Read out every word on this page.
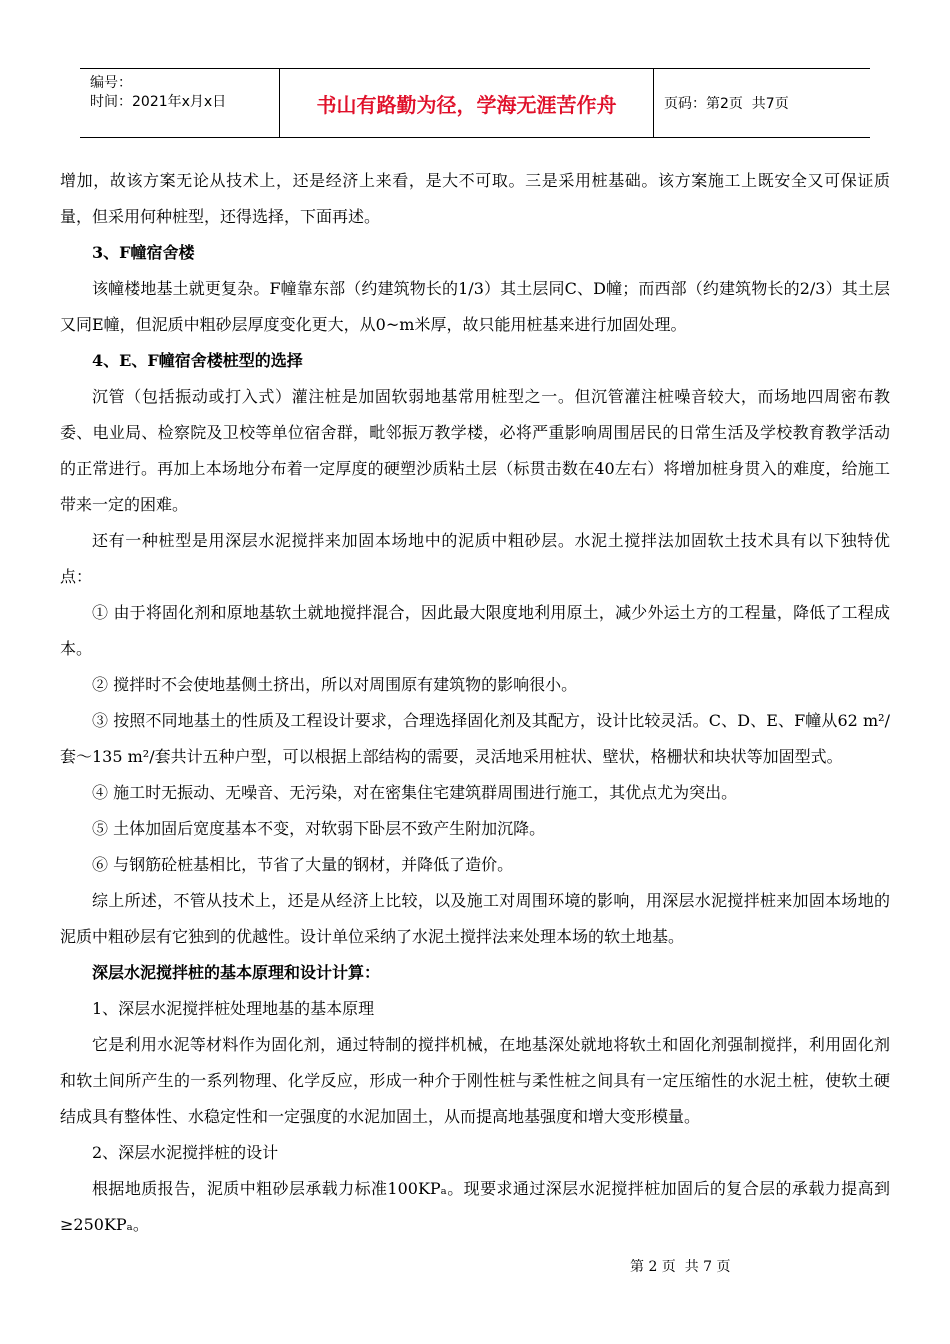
编号：
时间：2021年x月x日	书山有路勤为径，学海无涯苦作舟	页码：第2页  共7页

增加，故该方案无论从技术上，还是经济上来看，是大不可取。三是采用桩基础。该方案施工上既安全又可保证质量，但采用何种桩型，还得选择，下面再述。

3、F幢宿舍楼

该幢楼地基土就更复杂。F幢靠东部（约建筑物长的1/3）其土层同C、D幢；而西部（约建筑物长的2/3）其土层又同E幢，但泥质中粗砂层厚度变化更大，从0~m米厚，故只能用桩基来进行加固处理。

4、E、F幢宿舍楼桩型的选择

沉管（包括振动或打入式）灌注桩是加固软弱地基常用桩型之一。但沉管灌注桩噪音较大，而场地四周密布教委、电业局、检察院及卫校等单位宿舍群，毗邻振万教学楼，必将严重影响周围居民的日常生活及学校教育教学活动的正常进行。再加上本场地分布着一定厚度的硬塑沙质粘土层（标贯击数在40左右）将增加桩身贯入的难度，给施工带来一定的困难。

还有一种桩型是用深层水泥搅拌来加固本场地中的泥质中粗砂层。水泥土搅拌法加固软土技术具有以下独特优点：

① 由于将固化剂和原地基软土就地搅拌混合，因此最大限度地利用原土，减少外运土方的工程量，降低了工程成本。

② 搅拌时不会使地基侧土挤出，所以对周围原有建筑物的影响很小。

③ 按照不同地基土的性质及工程设计要求，合理选择固化剂及其配方，设计比较灵活。C、D、E、F幢从62 m²/套～135 m²/套共计五种户型，可以根据上部结构的需要，灵活地采用桩状、壁状，格栅状和块状等加固型式。

④ 施工时无振动、无噪音、无污染，对在密集住宅建筑群周围进行施工，其优点尤为突出。

⑤ 土体加固后宽度基本不变，对软弱下卧层不致产生附加沉降。

⑥ 与钢筋砼桩基相比，节省了大量的钢材，并降低了造价。

综上所述，不管从技术上，还是从经济上比较，以及施工对周围环境的影响，用深层水泥搅拌桩来加固本场地的泥质中粗砂层有它独到的优越性。设计单位采纳了水泥土搅拌法来处理本场的软土地基。

深层水泥搅拌桩的基本原理和设计计算：

1、深层水泥搅拌桩处理地基的基本原理

它是利用水泥等材料作为固化剂，通过特制的搅拌机械，在地基深处就地将软土和固化剂强制搅拌，利用固化剂和软土间所产生的一系列物理、化学反应，形成一种介于刚性桩与柔性桩之间具有一定压缩性的水泥土桩，使软土硬结成具有整体性、水稳定性和一定强度的水泥加固土，从而提高地基强度和增大变形模量。

2、深层水泥搅拌桩的设计

根据地质报告，泥质中粗砂层承载力标准100KPₐ。现要求通过深层水泥搅拌桩加固后的复合层的承载力提高到≥250KPₐ。

第 2 页  共 7 页
